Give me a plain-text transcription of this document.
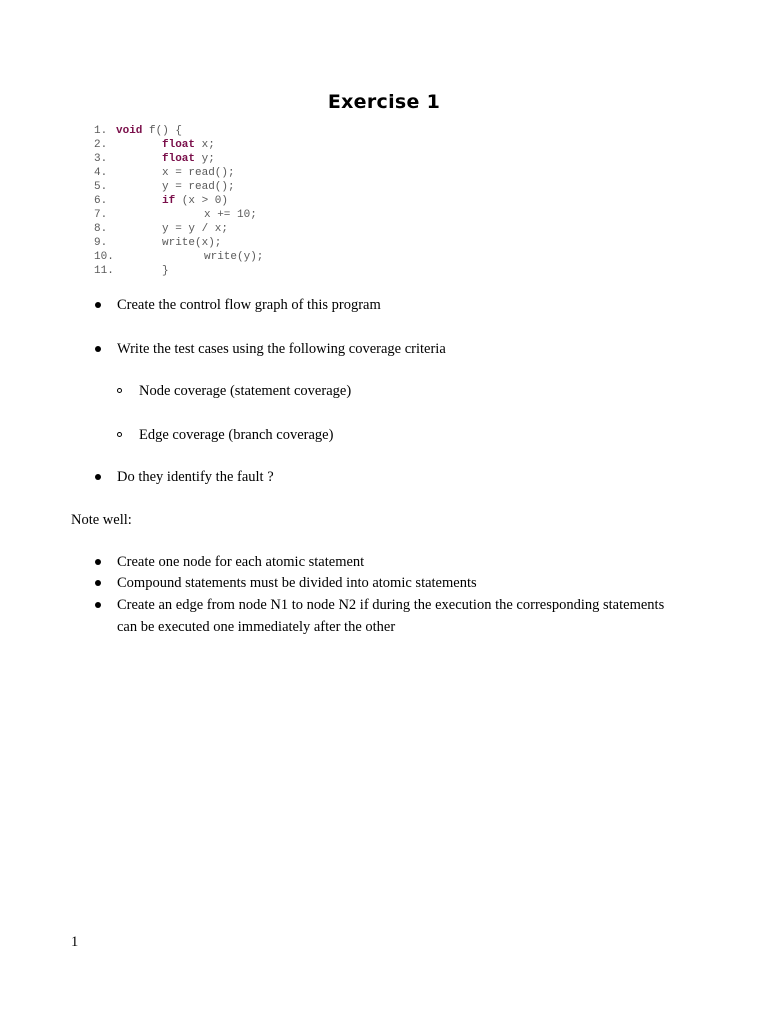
Exercise 1

1.

void f() {

2.

	float x;

3.

	float y;

4.

	x = read();

5.

	y = read();

6.

	if (x > 0)

7.

	x += 10;

8.

	y = y / x;

9.

	write(x);

10.

	write(y);

11.

	}

Create the control flow graph of this program
Write the test cases using the following coverage criteria
Node coverage (statement coverage)
Edge coverage (branch coverage)
Do they identify the fault ?
Note well:
Create one node for each atomic statement
Compound statements must be divided into atomic statements
Create an edge from node N1 to node N2 if during the execution the corresponding statements
can be executed one immediately after the other
1
